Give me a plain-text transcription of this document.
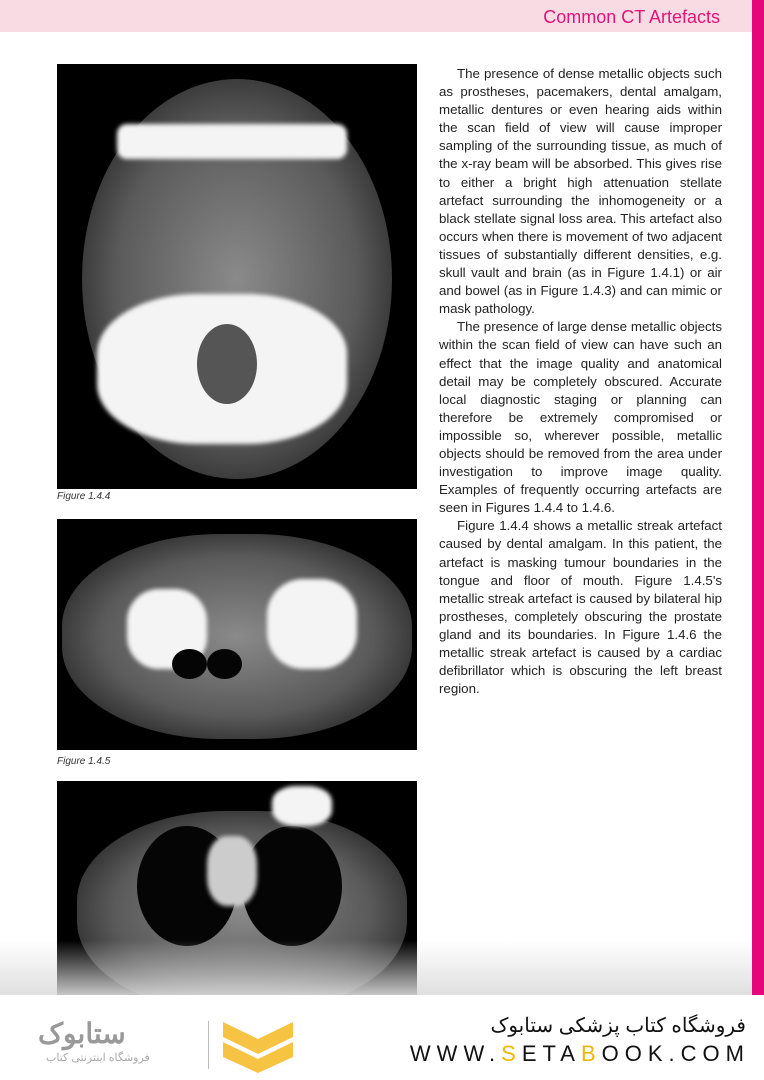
Common CT Artefacts
Figure 1.4.4
Figure 1.4.5

The presence of dense metallic objects such as prostheses, pacemakers, dental amalgam, metallic dentures or even hearing aids within the scan field of view will cause improper sampling of the surrounding tissue, as much of the x-ray beam will be absorbed. This gives rise to either a bright high attenuation stellate artefact surrounding the inhomogeneity or a black stellate signal loss area. This artefact also occurs when there is movement of two adjacent tissues of substantially different densities, e.g. skull vault and brain (as in Figure 1.4.1) or air and bowel (as in Figure 1.4.3) and can mimic or mask pathology.

The presence of large dense metallic objects within the scan field of view can have such an effect that the image quality and anatomical detail may be completely obscured. Accurate local diagnostic staging or planning can therefore be extremely compromised or impossible so, wherever possible, metallic objects should be removed from the area under investigation to improve image quality. Examples of frequently occurring artefacts are seen in Figures 1.4.4 to 1.4.6.

Figure 1.4.4 shows a metallic streak artefact caused by dental amalgam. In this patient, the artefact is masking tumour boundaries in the tongue and floor of mouth. Figure 1.4.5's metallic streak artefact is caused by bilateral hip prostheses, completely obscuring the prostate gland and its boundaries. In Figure 1.4.6 the metallic streak artefact is caused by a cardiac defibrillator which is obscuring the left breast region.

ستابوک
فروشگاه اینترنتی کتاب
فروشگاه کتاب پزشکی ستابوک
WWW.SETABOOK.COM
